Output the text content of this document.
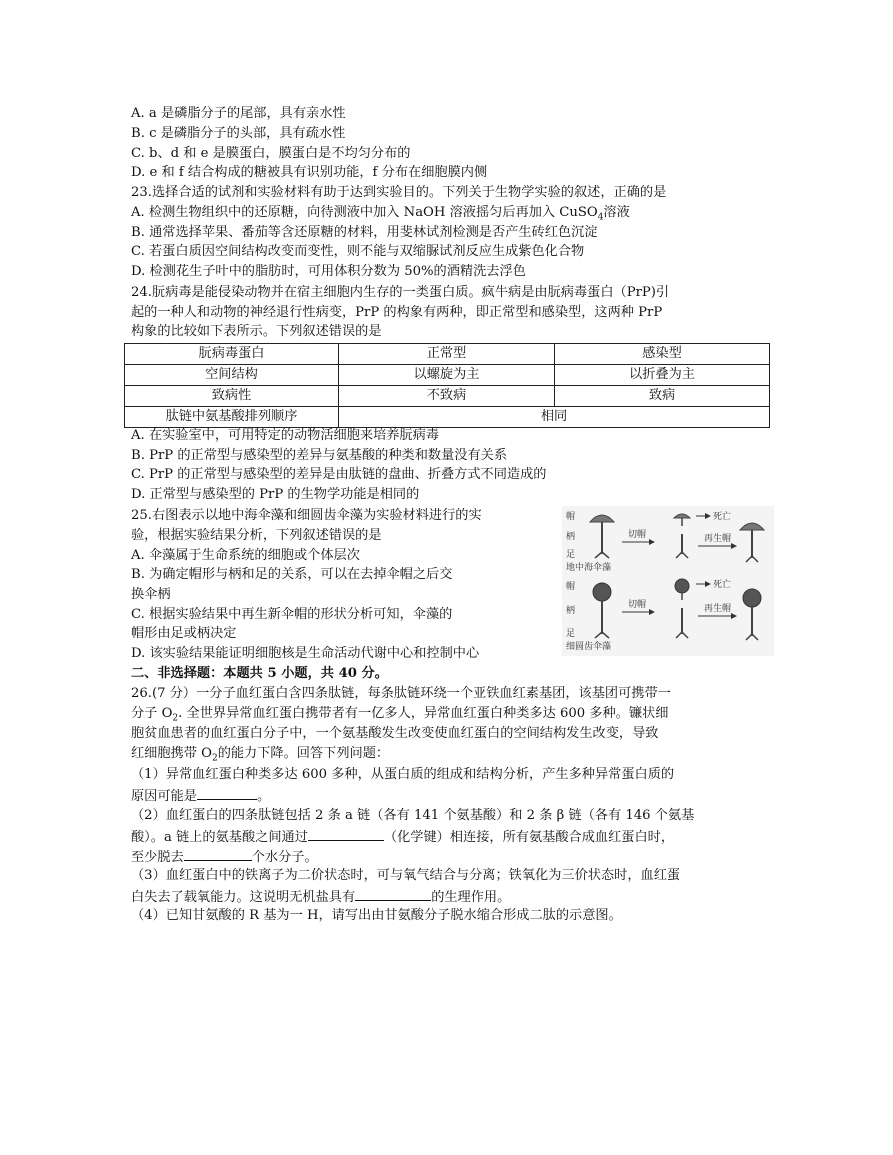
A. a 是磷脂分子的尾部，具有亲水性
B. c 是磷脂分子的头部，具有疏水性
C. b、d 和 e 是膜蛋白，膜蛋白是不均匀分布的
D. e 和 f 结合构成的糖被具有识别功能，f 分布在细胞膜内侧
23.选择合适的试剂和实验材料有助于达到实验目的。下列关于生物学实验的叙述，正确的是
A. 检测生物组织中的还原糖，向待测液中加入 NaOH 溶液摇匀后再加入 CuSO$_4$溶液
B. 通常选择苹果、番茄等含还原糖的材料，用斐林试剂检测是否产生砖红色沉淀
C. 若蛋白质因空间结构改变而变性，则不能与双缩脲试剂反应生成紫色化合物
D. 检测花生子叶中的脂肪时，可用体积分数为 50%的酒精洗去浮色
24.朊病毒是能侵染动物并在宿主细胞内生存的一类蛋白质。疯牛病是由朊病毒蛋白（PrP)引
起的一种人和动物的神经退行性病变，PrP 的构象有两种，即正常型和感染型，这两种 PrP
构象的比较如下表所示。下列叙述错误的是
朊病毒蛋白	正常型	感染型
空间结构	以螺旋为主	以折叠为主
致病性	不致病	致病
肽链中氨基酸排列顺序	相同	
A. 在实验室中，可用特定的动物活细胞来培养朊病毒
B. PrP 的正常型与感染型的差异与氨基酸的种类和数量没有关系
C. PrP 的正常型与感染型的差异是由肽链的盘曲、折叠方式不同造成的
D. 正常型与感染型的 PrP 的生物学功能是相同的
25.右图表示以地中海伞藻和细圆齿伞藻为实验材料进行的实
验，根据实验结果分析，下列叙述错误的是
A. 伞藻属于生命系统的细胞或个体层次
B. 为确定帽形与柄和足的关系，可以在去掉伞帽之后交
换伞柄
C. 根据实验结果中再生新伞帽的形状分析可知，伞藻的
帽形由足或柄决定
D. 该实验结果能证明细胞核是生命活动代谢中心和控制中心
帽
柄
足
地中海伞藻
切帽
死亡
再生帽
帽
柄
足
细圆齿伞藻
切帽
死亡
再生帽
二、非选择题：本题共 5 小题，共 40 分。
26.(7 分）一分子血红蛋白含四条肽链，每条肽链环绕一个亚铁血红素基团，该基团可携带一
分子 $O_2$. 全世界异常血红蛋白携带者有一亿多人，异常血红蛋白种类多达 600 多种。镰状细
胞贫血患者的血红蛋白分子中，一个氨基酸发生改变使血红蛋白的空间结构发生改变，导致
红细胞携带 $O_2$的能力下降。回答下列问题：
（1）异常血红蛋白种类多达 600 多种，从蛋白质的组成和结构分析，产生多种异常蛋白质的
原因可能是	。
（2）血红蛋白的四条肽链包括 2 条 a 链（各有 141 个氨基酸）和 2 条 β 链（各有 146 个氨基
酸）。a 链上的氨基酸之间通过	（化学键）相连接，所有氨基酸合成血红蛋白时，
至少脱去	个水分子。
（3）血红蛋白中的铁离子为二价状态时，可与氧气结合与分离；铁氧化为三价状态时，血红蛋
白失去了载氧能力。这说明无机盐具有	的生理作用。
（4）已知甘氨酸的 R 基为一 H，请写出由甘氨酸分子脱水缩合形成二肽的示意图。
